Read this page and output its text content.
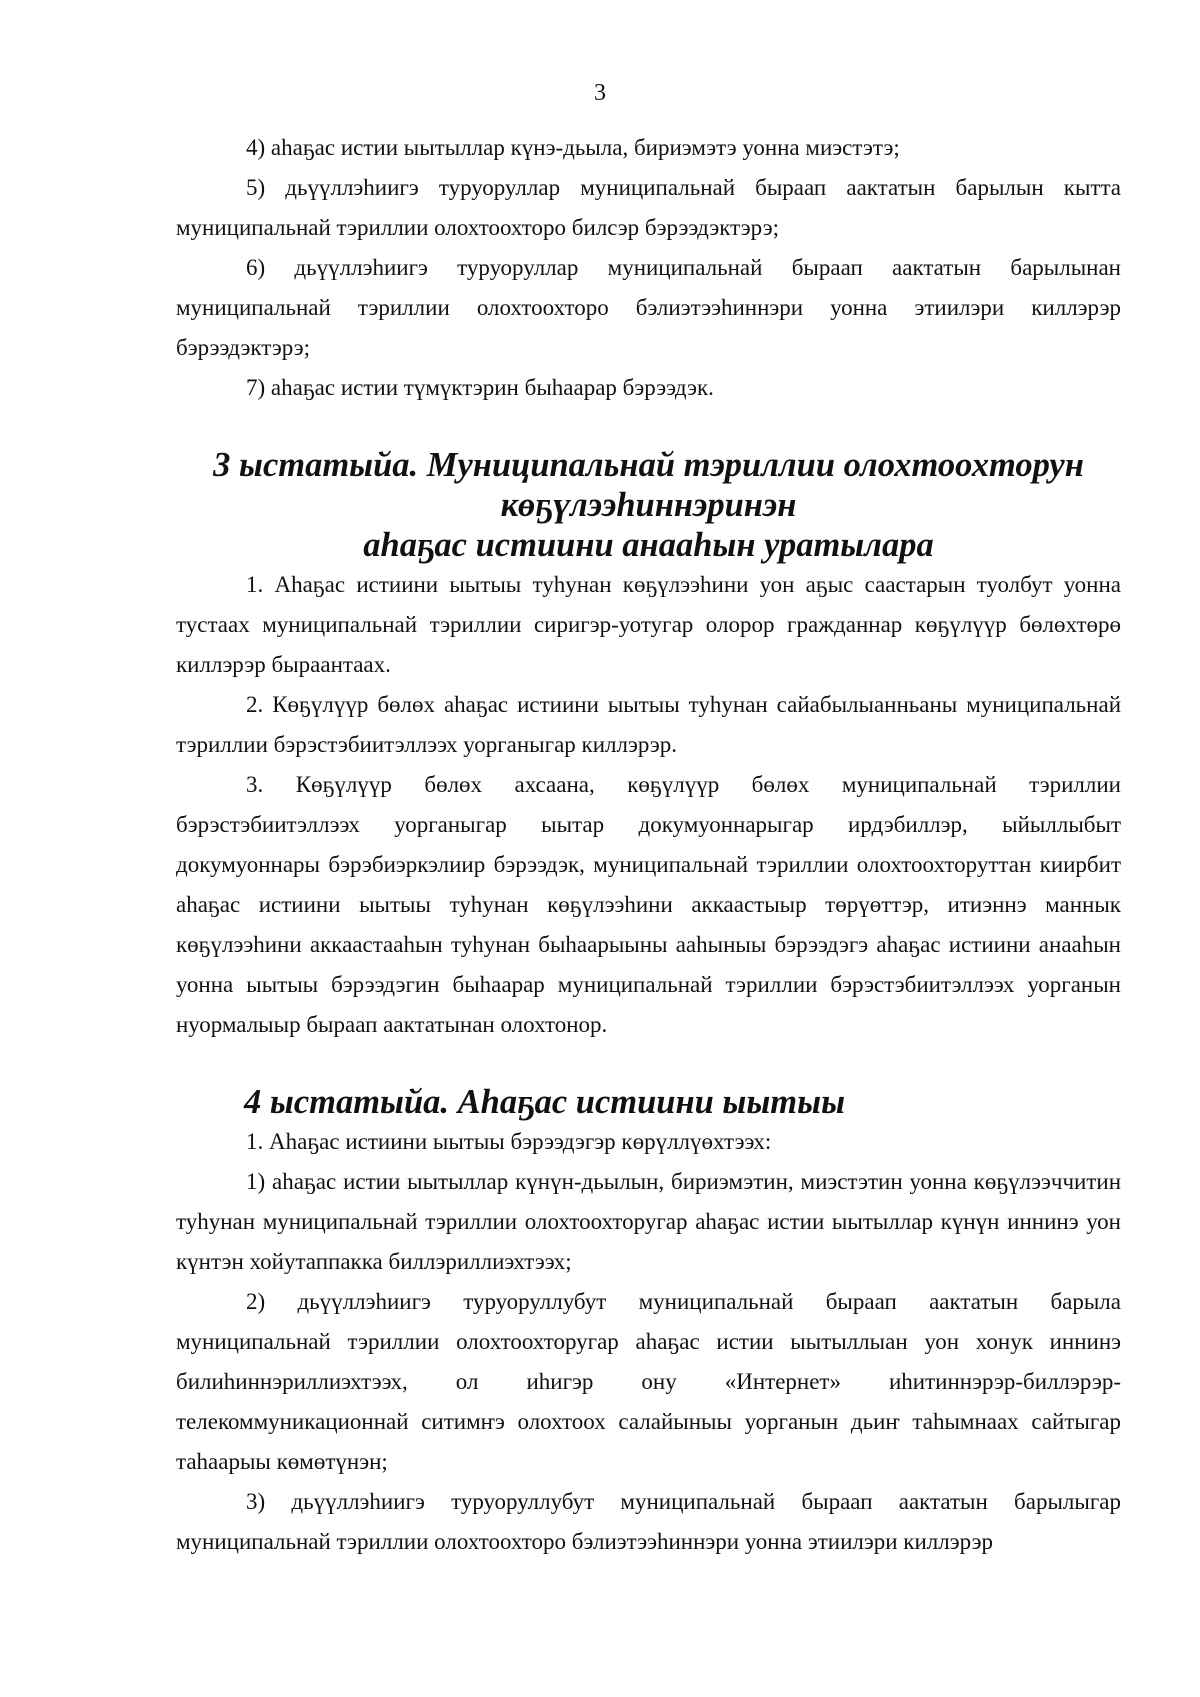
3

4) аһаҕас истии ыытыллар күнэ-дьыла, бириэмэтэ уонна миэстэтэ;

5) дьүүллэһиигэ туруоруллар муниципальнай быраап аактатын барылын кытта муниципальнай тэриллии олохтоохторо билсэр бэрээдэктэрэ;

6) дьүүллэһиигэ туруоруллар муниципальнай быраап аактатын барылынан муниципальнай тэриллии олохтоохторо бэлиэтээһиннэри уонна этиилэри киллэрэр бэрээдэктэрэ;

7) аһаҕас истии түмүктэрин быһаарар бэрээдэк.

3 ыстатыйа. Муниципальнай тэриллии олохтоохторун көҕүлээһиннэринэн
аһаҕас истиини анааһын уратылара

1. Аһаҕас истиини ыытыы туһунан көҕүлээһини уон аҕыс саастарын туолбут уонна тустаах муниципальнай тэриллии сиригэр-уотугар олорор гражданнар көҕүлүүр бөлөхтөрө киллэрэр быраантаах.

2. Көҕүлүүр бөлөх аһаҕас истиини ыытыы туһунан сайабылыанньаны муниципальнай тэриллии бэрэстэбиитэллээх уорганыгар киллэрэр.

3. Көҕүлүүр бөлөх ахсаана, көҕүлүүр бөлөх муниципальнай тэриллии бэрэстэбиитэллээх уорганыгар ыытар докумуоннарыгар ирдэбиллэр, ыйыллыбыт докумуоннары бэрэбиэркэлиир бэрээдэк, муниципальнай тэриллии олохтоохторуттан киирбит аһаҕас истиини ыытыы туһунан көҕүлээһини аккаастыыр төрүөттэр, итиэннэ маннык көҕүлээһини аккаастааһын туһунан быһаарыыны ааһыныы бэрээдэгэ аһаҕас истиини анааһын уонна ыытыы бэрээдэгин быһаарар муниципальнай тэриллии бэрэстэбиитэллээх уорганын нуормалыыр быраап аактатынан олохтонор.

4 ыстатыйа. Аһаҕас истиини ыытыы

1. Аһаҕас истиини ыытыы бэрээдэгэр көрүллүөхтээх:

1) аһаҕас истии ыытыллар күнүн-дьылын, бириэмэтин, миэстэтин уонна көҕүлээччитин туһунан муниципальнай тэриллии олохтоохторугар аһаҕас истии ыытыллар күнүн иннинэ уон күнтэн хойутаппакка биллэриллиэхтээх;

2) дьүүллэһиигэ туруоруллубут муниципальнай быраап аактатын барыла муниципальнай тэриллии олохтоохторугар аһаҕас истии ыытыллыан уон хонук иннинэ билиһиннэриллиэхтээх, ол иһигэр ону «Интернет» иһитиннэрэр-биллэрэр-телекоммуникационнай ситимҥэ олохтоох салайыныы уорганын дьиҥ таһымнаах сайтыгар таһаарыы көмөтүнэн;

3) дьүүллэһиигэ туруоруллубут муниципальнай быраап аактатын барылыгар муниципальнай тэриллии олохтоохторо бэлиэтээһиннэри уонна этиилэри киллэрэр
